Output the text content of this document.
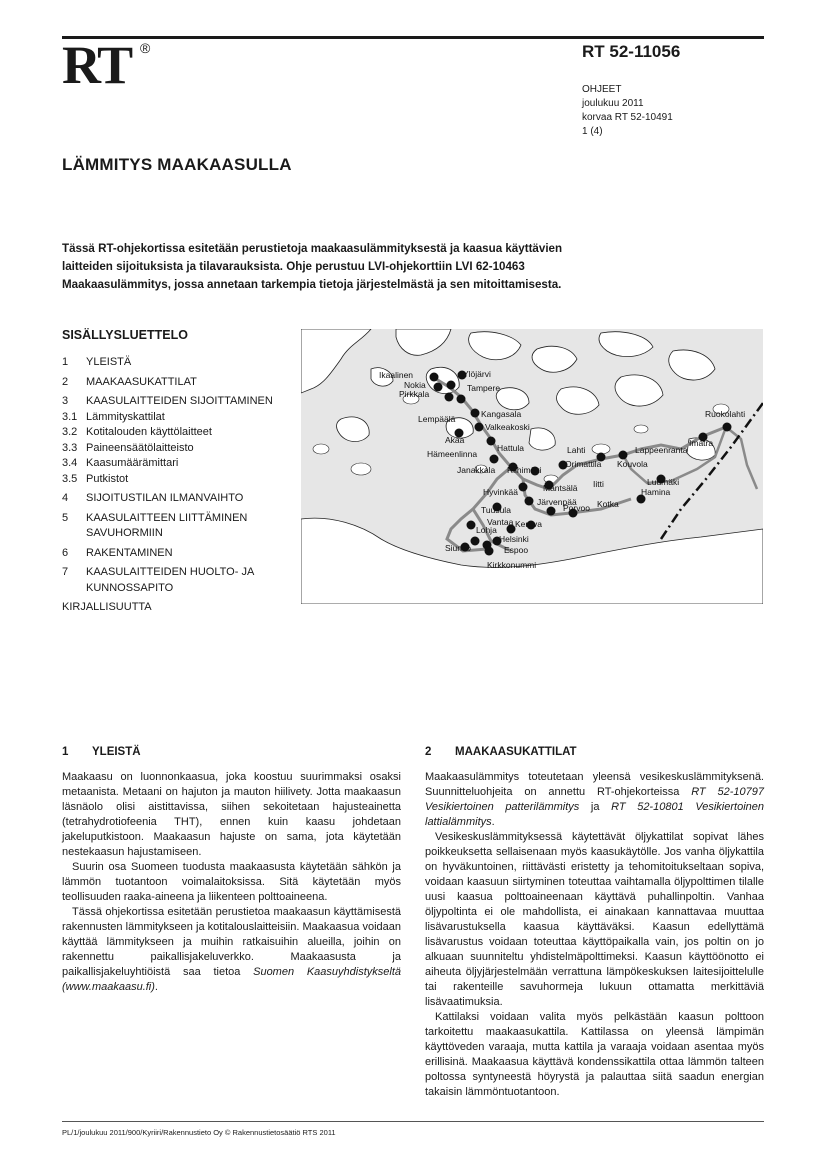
RT ®	RT 52-11056
OHJEET
joulukuu 2011
korvaa RT 52-10491
1 (4)
LÄMMITYS MAAKAASULLA
Tässä RT-ohjekortissa esitetään perustietoja maakaasulämmityksestä ja kaasua käyttävien laitteiden sijoituksista ja tilavarauksista. Ohje perustuu LVI-ohjekorttiin LVI 62-10463 Maakaasulämmitys, jossa annetaan tarkempia tietoja järjestelmästä ja sen mitoittamisesta.
SISÄLLYSLUETTELO
1	YLEISTÄ
2	MAAKAASUKATTILAT
3	KAASULAITTEIDEN SIJOITTAMINEN
3.1 Lämmityskattilat
3.2 Kotitalouden käyttölaitteet
3.3 Paineensäätölaitteisto
3.4 Kaasumäärämittari
3.5 Putkistot
4	SIJOITUSTILAN ILMANVAIHTO
5	KAASULAITTEEN LIITTÄMINEN SAVUHORMIIN
6	RAKENTAMINEN
7	KAASULAITTEIDEN HUOLTO- JA KUNNOSSAPITO
KIRJALLISUUTTA
Ikaalinen	Ylöjärvi
Nokia	Tampere
Pirkkala
Kangasala
Lempäälä
Valkeakoski
Akaa
Hämeenlinna
Hattula
Janakkala Riihimäki
Lahti
Orimattila
Hyvinkää	Mäntsälä
Järvenpää
Porvoo
Iitti
Kouvola
Lappeenranta
Imatra
Ruokolahti
Luumäki
Hamina
Kotka
Tuusula
Vantaa Kerava
Lohja
Helsinki
Siuntio	Espoo
Kirkkonummi
1 YLEISTÄ

Maakaasu on luonnonkaasua, joka koostuu suurimmaksi osaksi metaanista. Metaani on hajuton ja mauton hiilivety. Jotta maakaasun läsnäolo olisi aistittavissa, siihen sekoitetaan hajusteainetta (tetrahydrotiofeenia THT), ennen kuin kaasu johdetaan jakeluputkistoon. Maakaasun hajuste on sama, jota käytetään nestekaasun hajustamiseen.

Suurin osa Suomeen tuodusta maakaasusta käytetään sähkön ja lämmön tuotantoon voimalaitoksissa. Sitä käytetään myös teollisuuden raaka-aineena ja liikenteen polttoaineena.

Tässä ohjekortissa esitetään perustietoa maakaasun käyttämisestä rakennusten lämmitykseen ja kotitalouslaitteisiin. Maakaasua voidaan käyttää lämmitykseen ja muihin ratkaisuihin alueilla, joihin on rakennettu paikallisjakeluverkko. Maakaasusta ja paikallisjakeluyhtiöistä saa tietoa Suomen Kaasuyhdistykseltä (www.maakaasu.fi).

2 MAAKAASUKATTILAT

Maakaasulämmitys toteutetaan yleensä vesikeskuslämmityksenä. Suunnitteluohjeita on annettu RT-ohjekorteissa RT 52-10797 Vesikiertoinen patterilämmitys ja RT 52-10801 Vesikiertoinen lattialämmitys.

Vesikeskuslämmityksessä käytettävät öljykattilat sopivat lähes poikkeuksetta sellaisenaan myös kaasukäytölle. Jos vanha öljykattila on hyväkuntoinen, riittävästi eristetty ja tehomitoitukseltaan sopiva, voidaan kaasuun siirtyminen toteuttaa vaihtamalla öljypolttimen tilalle uusi kaasua polttoaineenaan käyttävä puhallinpoltin. Vanhaa öljypoltinta ei ole mahdollista, ei ainakaan kannattavaa muuttaa lisävarustuksella kaasua käyttäväksi. Kaasun edellyttämä lisävarustus voidaan toteuttaa käyttöpaikalla vain, jos poltin on jo alkuaan suunniteltu yhdistelmäpolttimeksi. Kaasun käyttöönotto ei aiheuta öljyjärjestelmään verrattuna lämpökeskuksen laitesijoittelulle tai rakenteille savuhormeja lukuun ottamatta merkittäviä lisävaatimuksia.

Kattilaksi voidaan valita myös pelkästään kaasun polttoon tarkoitettu maakaasukattila. Kattilassa on yleensä lämpimän käyttöveden varaaja, mutta kattila ja varaaja voidaan asentaa myös erillisinä. Maakaasua käyttävä kondenssikattila ottaa lämmön talteen poltossa syntyneestä höyrystä ja palauttaa siitä saadun energian takaisin lämmöntuotantoon.

PL/1/joulukuu 2011/900/Kyriiri/Rakennustieto Oy © Rakennustietosäätiö RTS 2011
